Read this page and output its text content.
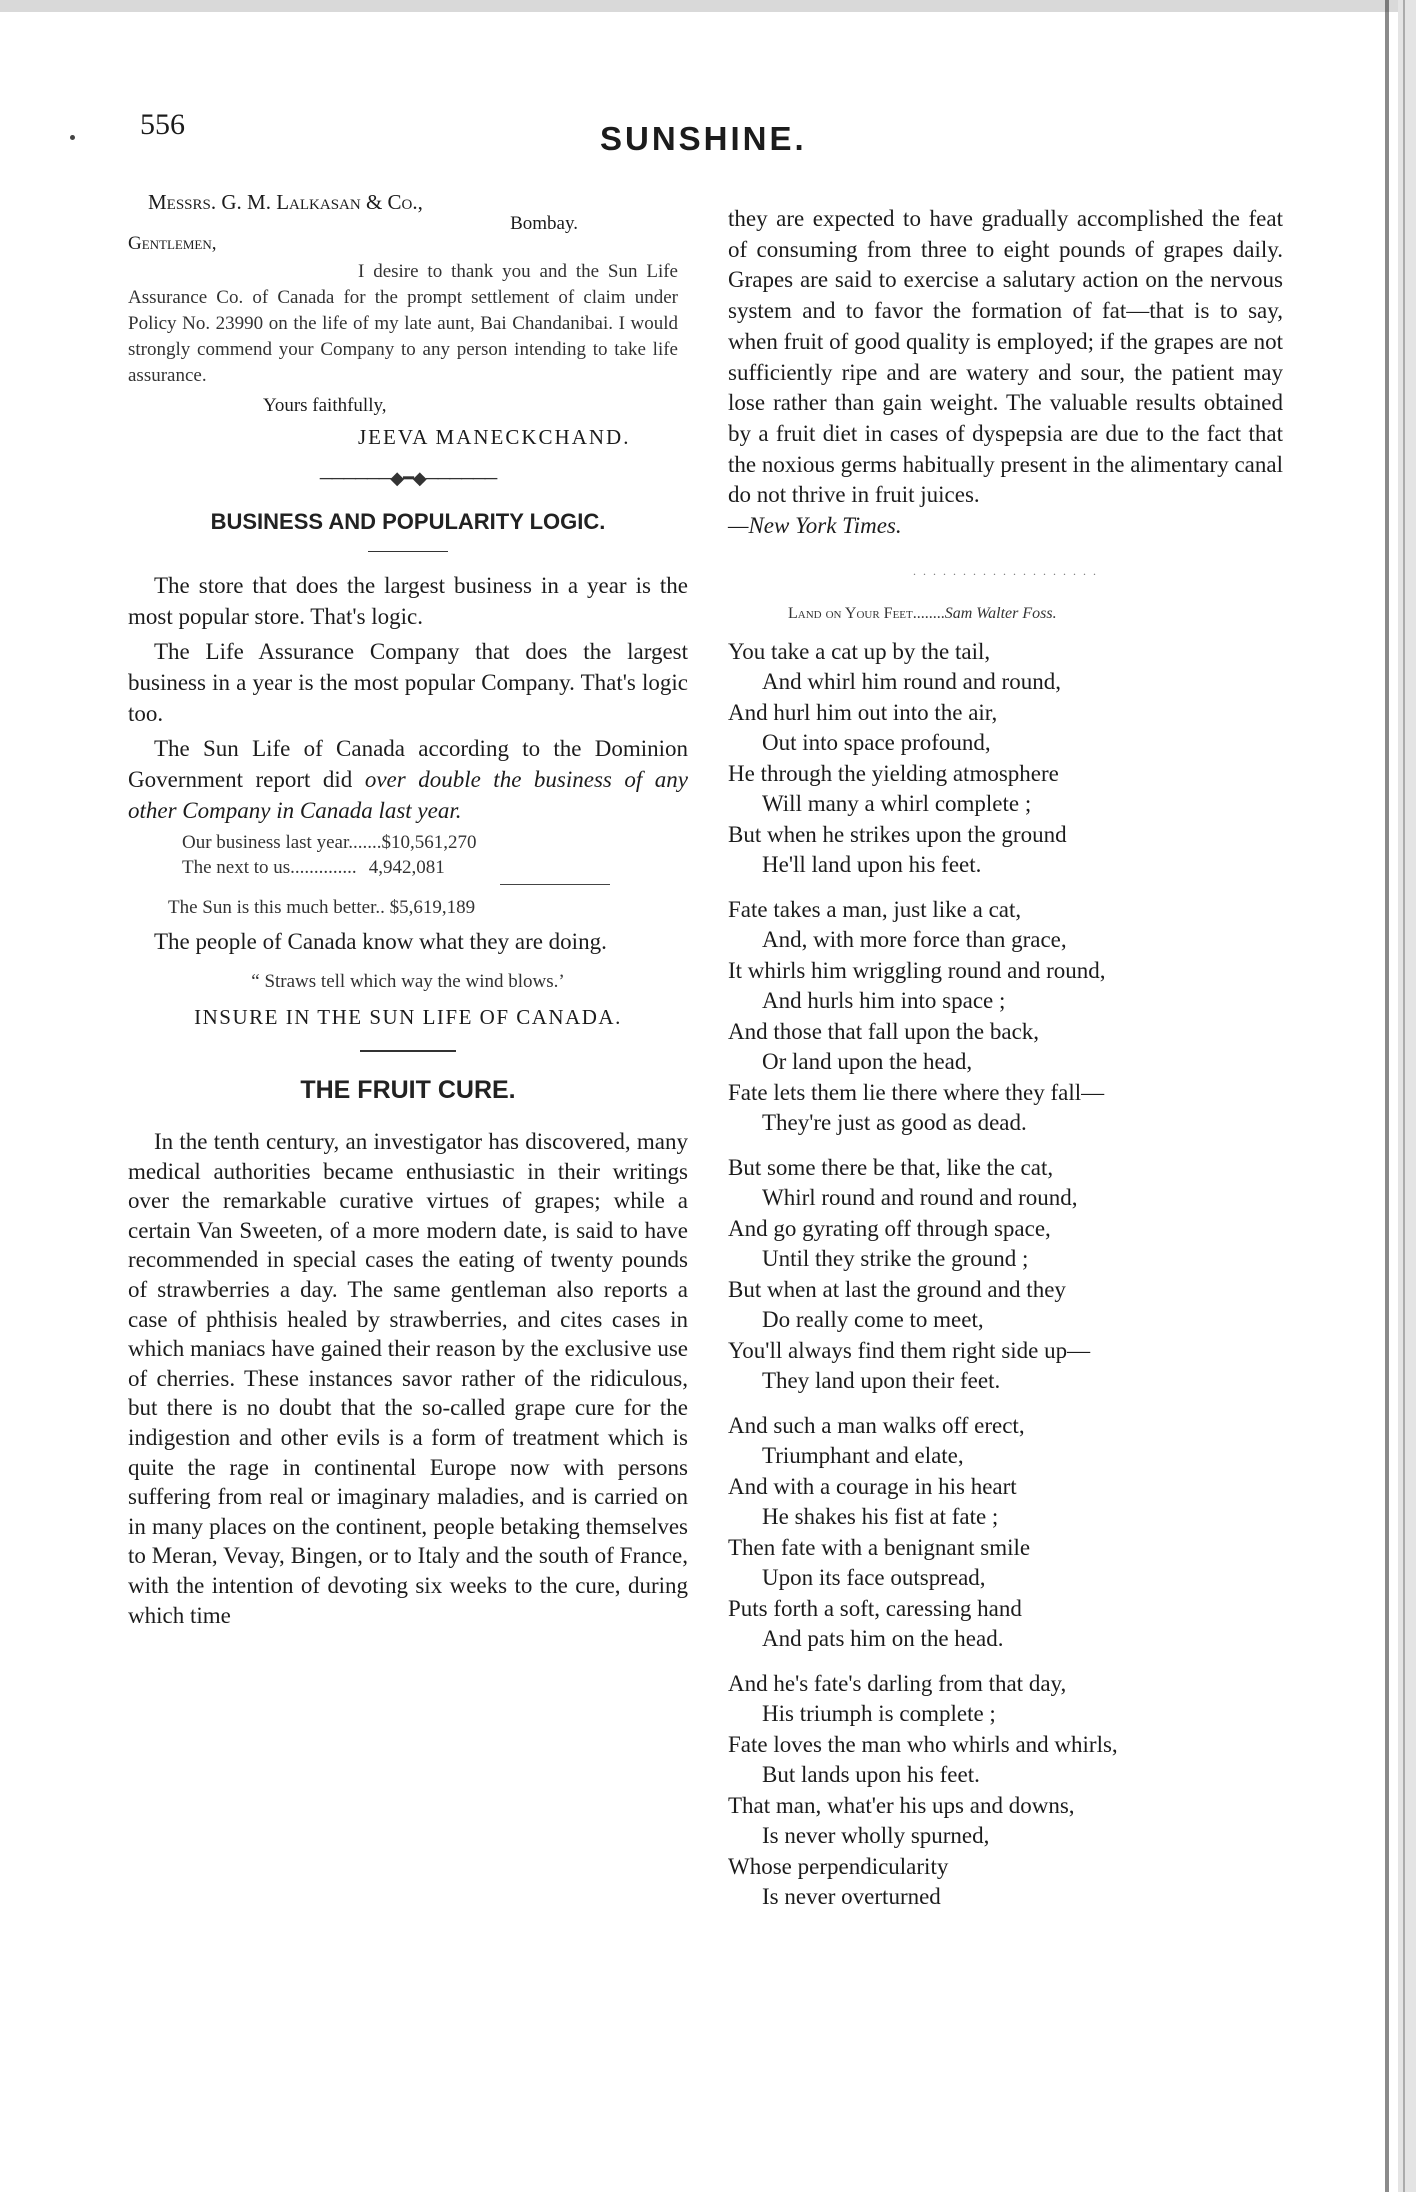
556	SUNSHINE.
Messrs. G. M. Lalkasan & Co.,
Bombay.
Gentlemen,
I desire to thank you and the Sun Life Assurance Co. of Canada for the prompt settlement of claim under Policy No. 23990 on the life of my late aunt, Bai Chandanibai. I would strongly commend your Company to any person intending to take life assurance.
Yours faithfully,
JEEVA MANECKCHAND.
──────◆━◆──────
BUSINESS AND POPULARITY LOGIC.

The store that does the largest business in a year is the most popular store. That's logic.

The Life Assurance Company that does the largest business in a year is the most popular Company. That's logic too.

The Sun Life of Canada according to the Dominion Government report did over double the business of any other Company in Canada last year.

Our business last year.......$10,561,270
The next to us.............. 4,942,081
The Sun is this much better.. $5,619,189

The people of Canada know what they are doing.

“ Straws tell which way the wind blows.’
INSURE IN THE SUN LIFE OF CANADA.
THE FRUIT CURE.

In the tenth century, an investigator has discovered, many medical authorities became enthusiastic in their writings over the remarkable curative virtues of grapes; while a certain Van Sweeten, of a more modern date, is said to have recommended in special cases the eating of twenty pounds of strawberries a day. The same gentleman also reports a case of phthisis healed by strawberries, and cites cases in which maniacs have gained their reason by the exclusive use of cherries. These instances savor rather of the ridiculous, but there is no doubt that the so-called grape cure for the indigestion and other evils is a form of treatment which is quite the rage in continental Europe now with persons suffering from real or imaginary maladies, and is carried on in many places on the continent, people betaking themselves to Meran, Vevay, Bingen, or to Italy and the south of France, with the intention of devoting six weeks to the cure, during which time

they are expected to have gradually accomplished the feat of consuming from three to eight pounds of grapes daily. Grapes are said to exercise a salutary action on the nervous system and to favor the formation of fat—that is to say, when fruit of good quality is employed; if the grapes are not sufficiently ripe and are watery and sour, the patient may lose rather than gain weight. The valuable results obtained by a fruit diet in cases of dyspepsia are due to the fact that the noxious germs habitually present in the alimentary canal do not thrive in fruit juices.

—New York Times.
. . . . . . . . . . . . . . . . . . .
Land on Your Feet........Sam Walter Foss.
You take a cat up by the tail,
And whirl him round and round,
And hurl him out into the air,
Out into space profound,
He through the yielding atmosphere
Will many a whirl complete ;
But when he strikes upon the ground
He'll land upon his feet.
Fate takes a man, just like a cat,
And, with more force than grace,
It whirls him wriggling round and round,
And hurls him into space ;
And those that fall upon the back,
Or land upon the head,
Fate lets them lie there where they fall—
They're just as good as dead.
But some there be that, like the cat,
Whirl round and round and round,
And go gyrating off through space,
Until they strike the ground ;
But when at last the ground and they
Do really come to meet,
You'll always find them right side up—
They land upon their feet.
And such a man walks off erect,
Triumphant and elate,
And with a courage in his heart
He shakes his fist at fate ;
Then fate with a benignant smile
Upon its face outspread,
Puts forth a soft, caressing hand
And pats him on the head.
And he's fate's darling from that day,
His triumph is complete ;
Fate loves the man who whirls and whirls,
But lands upon his feet.
That man, what'er his ups and downs,
Is never wholly spurned,
Whose perpendicularity
Is never overturned
